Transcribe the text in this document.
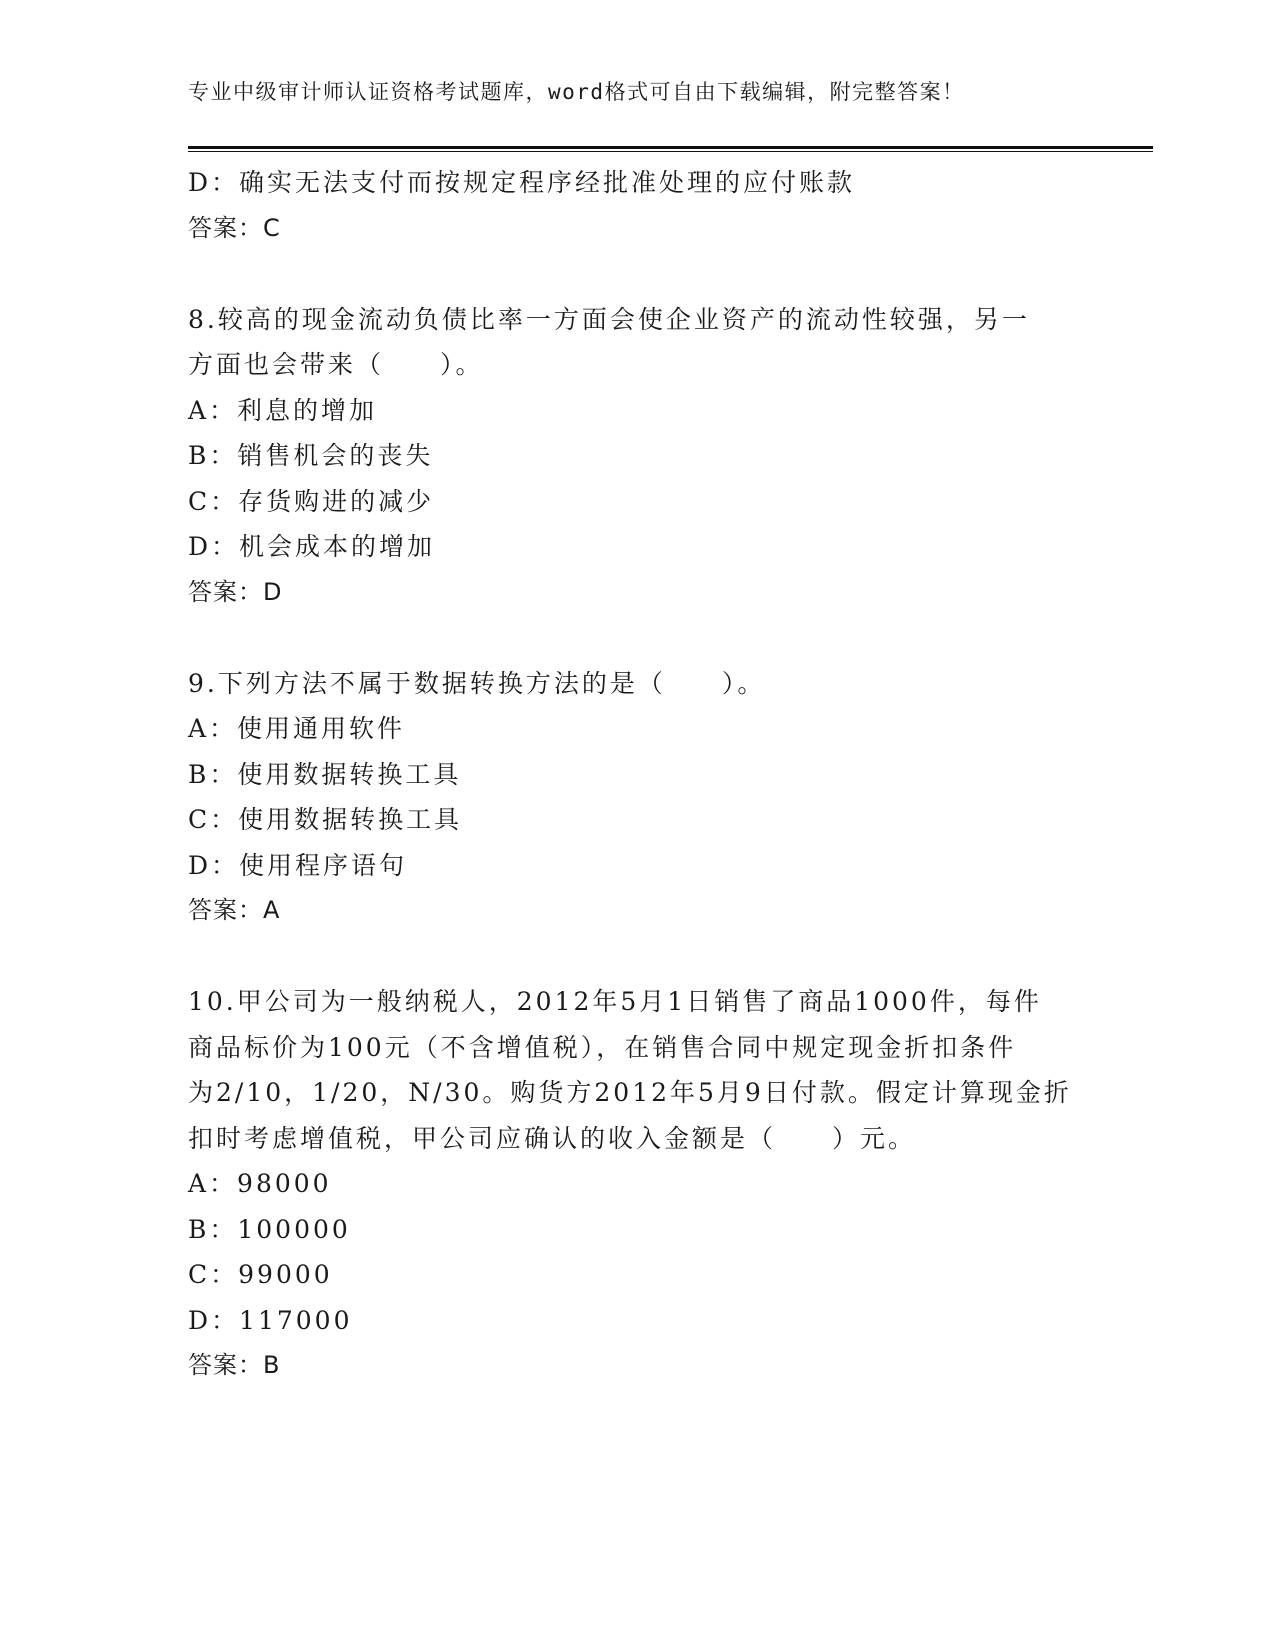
专业中级审计师认证资格考试题库，word格式可自由下载编辑，附完整答案！
D：确实无法支付而按规定程序经批准处理的应付账款
答案：C
8.较高的现金流动负债比率一方面会使企业资产的流动性较强，另一
方面也会带来（　　）。
A：利息的增加
B：销售机会的丧失
C：存货购进的减少
D：机会成本的增加
答案：D
9.下列方法不属于数据转换方法的是（　　）。
A：使用通用软件
B：使用数据转换工具
C：使用数据转换工具
D：使用程序语句
答案：A
10.甲公司为一般纳税人，2012年5月1日销售了商品1000件，每件
商品标价为100元（不含增值税），在销售合同中规定现金折扣条件
为2/10，1/20，N/30。购货方2012年5月9日付款。假定计算现金折
扣时考虑增值税，甲公司应确认的收入金额是（　　）元。
A：98000
B：100000
C：99000
D：117000
答案：B
